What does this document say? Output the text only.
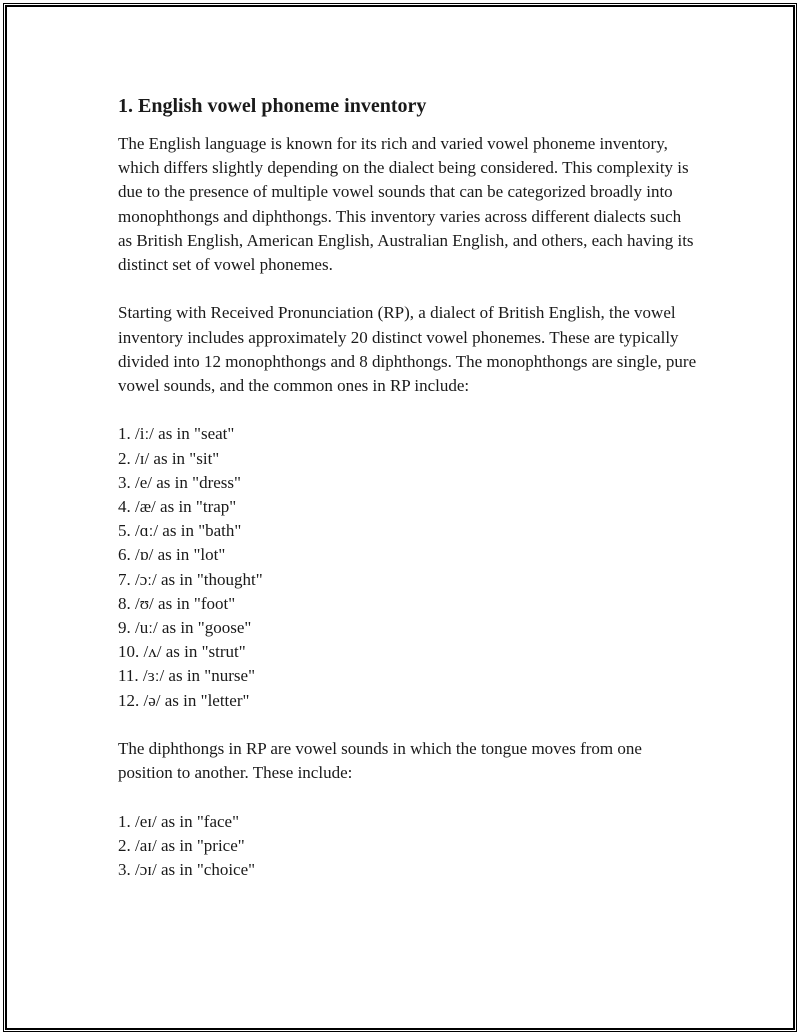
1. English vowel phoneme inventory

The English language is known for its rich and varied vowel phoneme inventory, which differs slightly depending on the dialect being considered. This complexity is due to the presence of multiple vowel sounds that can be categorized broadly into monophthongs and diphthongs. This inventory varies across different dialects such as British English, American English, Australian English, and others, each having its distinct set of vowel phonemes.

Starting with Received Pronunciation (RP), a dialect of British English, the vowel inventory includes approximately 20 distinct vowel phonemes. These are typically divided into 12 monophthongs and 8 diphthongs. The monophthongs are single, pure vowel sounds, and the common ones in RP include:

1. /iː/ as in "seat"
2. /ɪ/ as in "sit"
3. /e/ as in "dress"
4. /æ/ as in "trap"
5. /ɑː/ as in "bath"
6. /ɒ/ as in "lot"
7. /ɔː/ as in "thought"
8. /ʊ/ as in "foot"
9. /uː/ as in "goose"
10. /ʌ/ as in "strut"
11. /ɜː/ as in "nurse"
12. /ə/ as in "letter"

The diphthongs in RP are vowel sounds in which the tongue moves from one position to another. These include:

1. /eɪ/ as in "face"
2. /aɪ/ as in "price"
3. /ɔɪ/ as in "choice"
